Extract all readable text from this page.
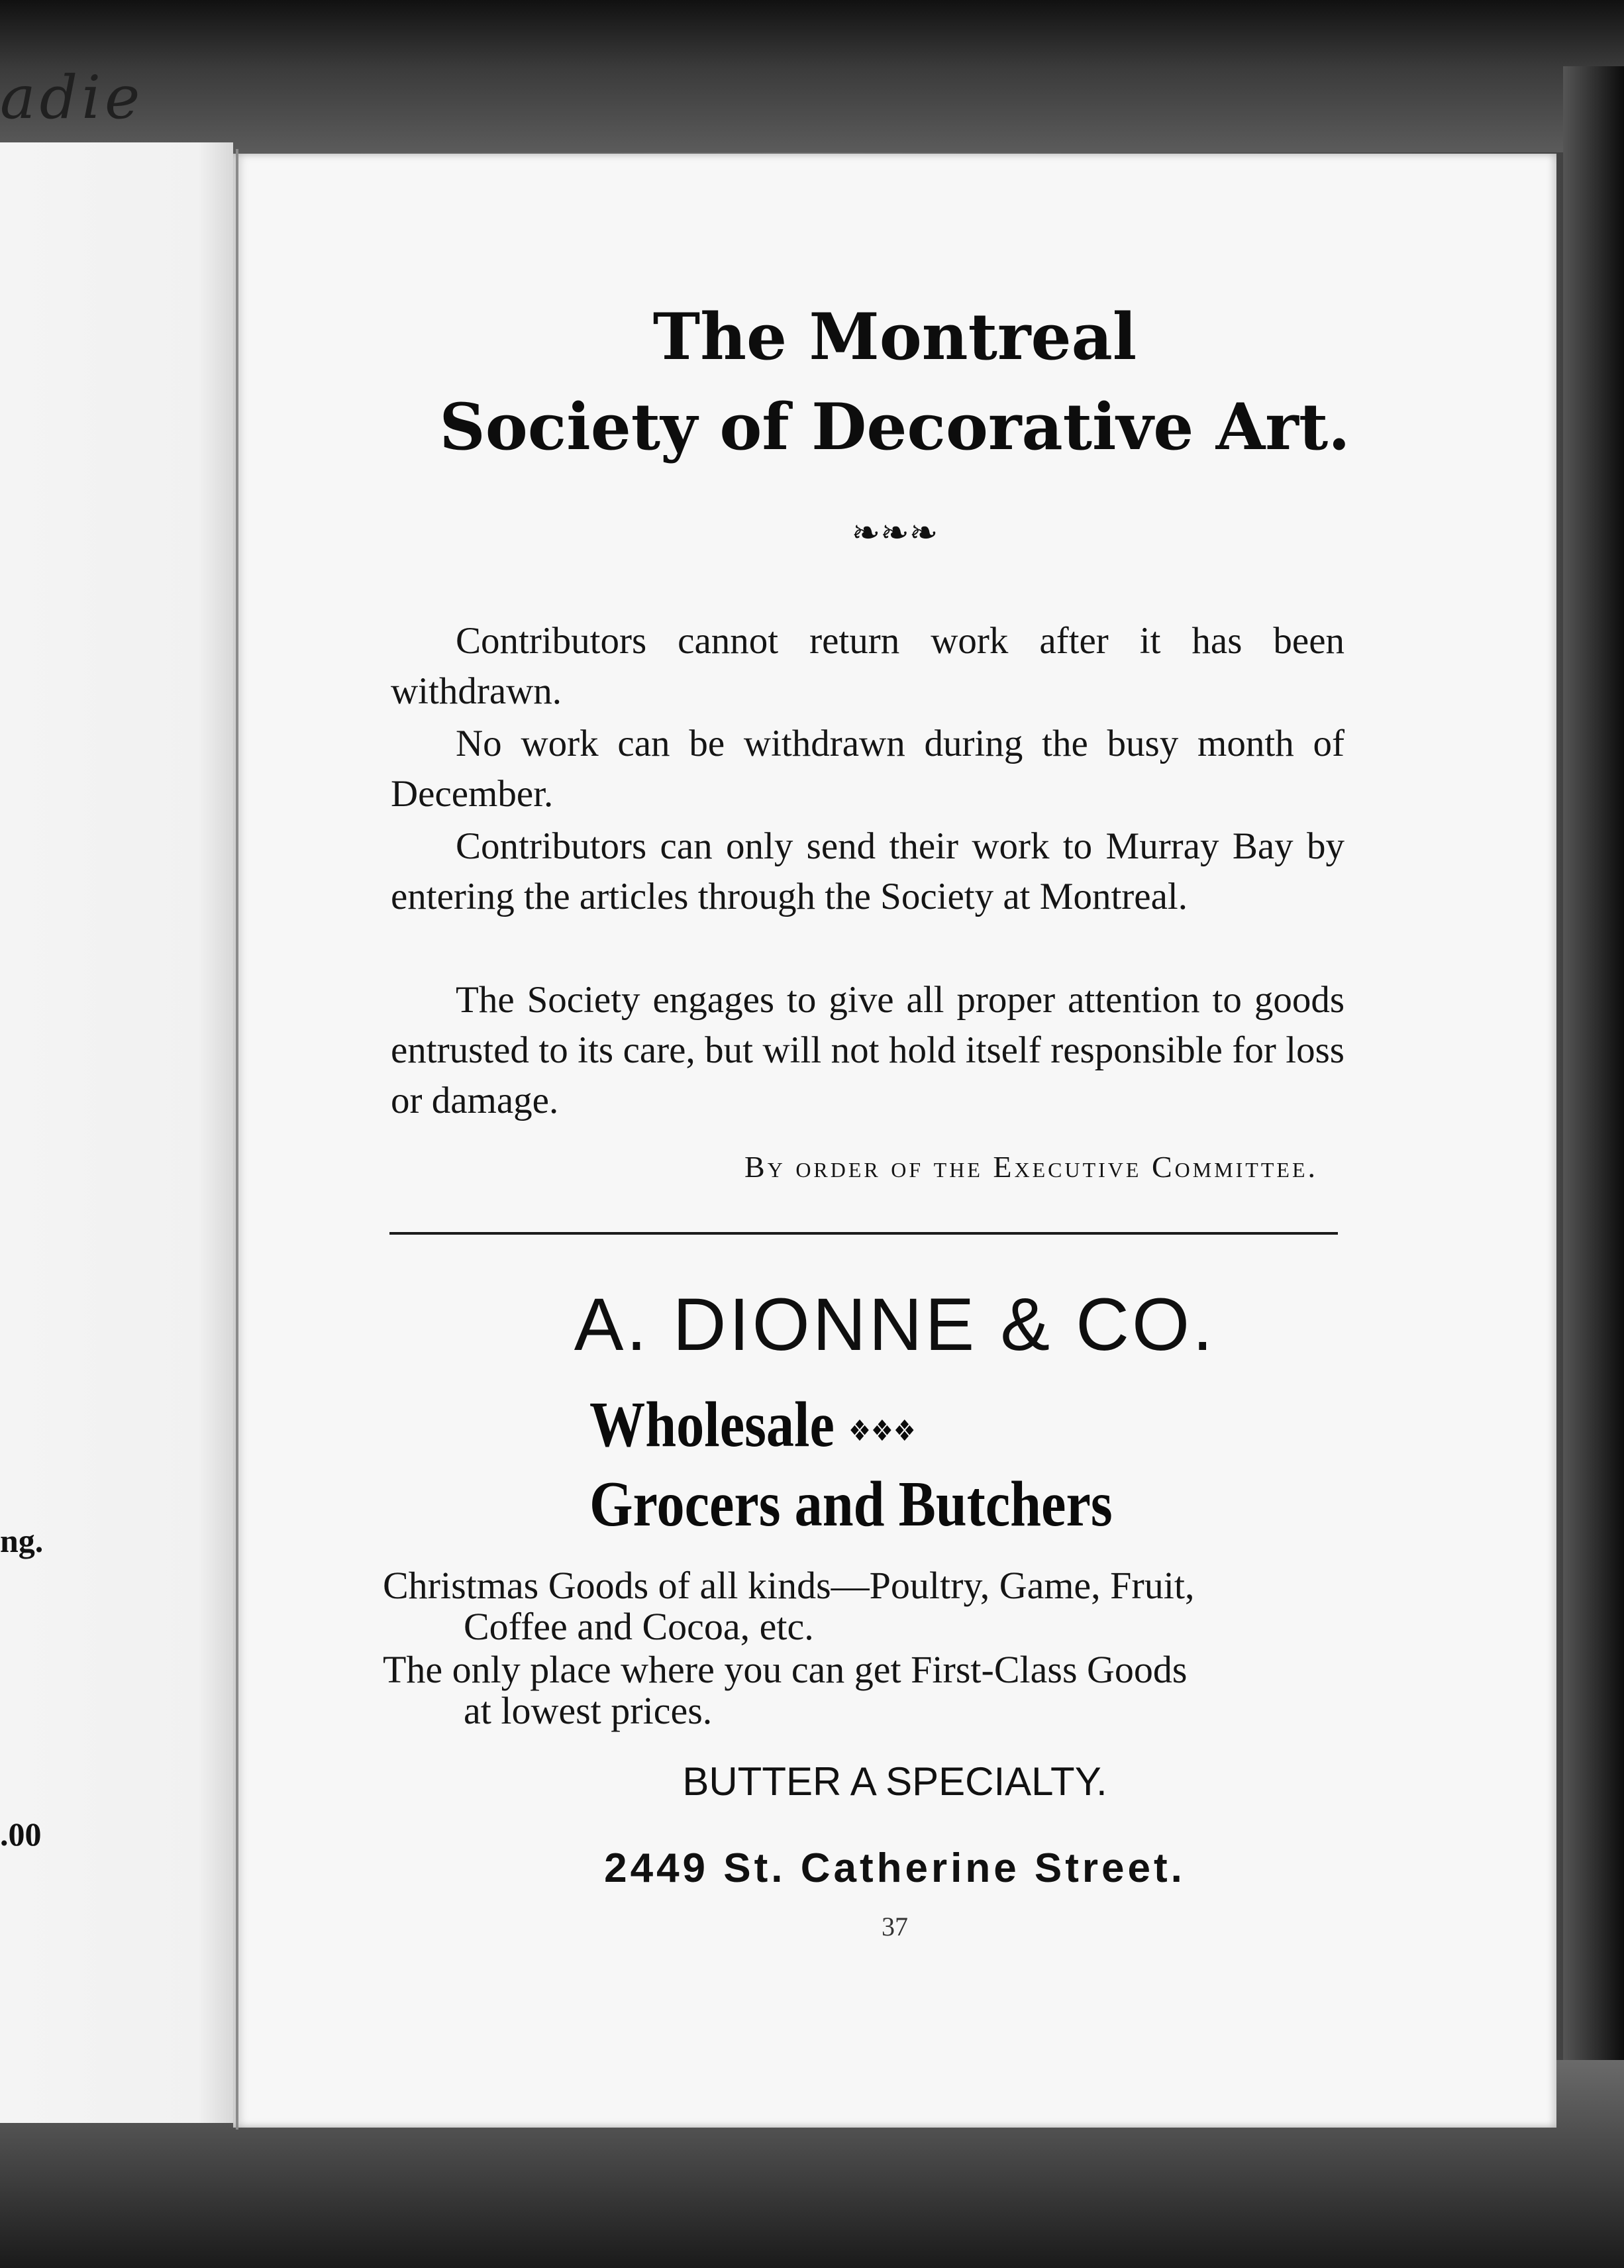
adie
ng.
.00
The Montreal
Society of Decorative Art.
❧❧❧

Contributors cannot return work after it has been withdrawn.

No work can be withdrawn during the busy month of December.

Contributors can only send their work to Murray Bay by entering the articles through the Society at Montreal.

The Society engages to give all proper attention to goods entrusted to its care, but will not hold itself responsible for loss or damage.

By order of the Executive Committee.
A. DIONNE & CO.
Wholesale ❖❖❖
Grocers and Butchers
Christmas Goods of all kinds—Poultry, Game, Fruit,
Coffee and Cocoa, etc.
The only place where you can get First-Class Goods
at lowest prices.
BUTTER A SPECIALTY.
2449 St. Catherine Street.
37
